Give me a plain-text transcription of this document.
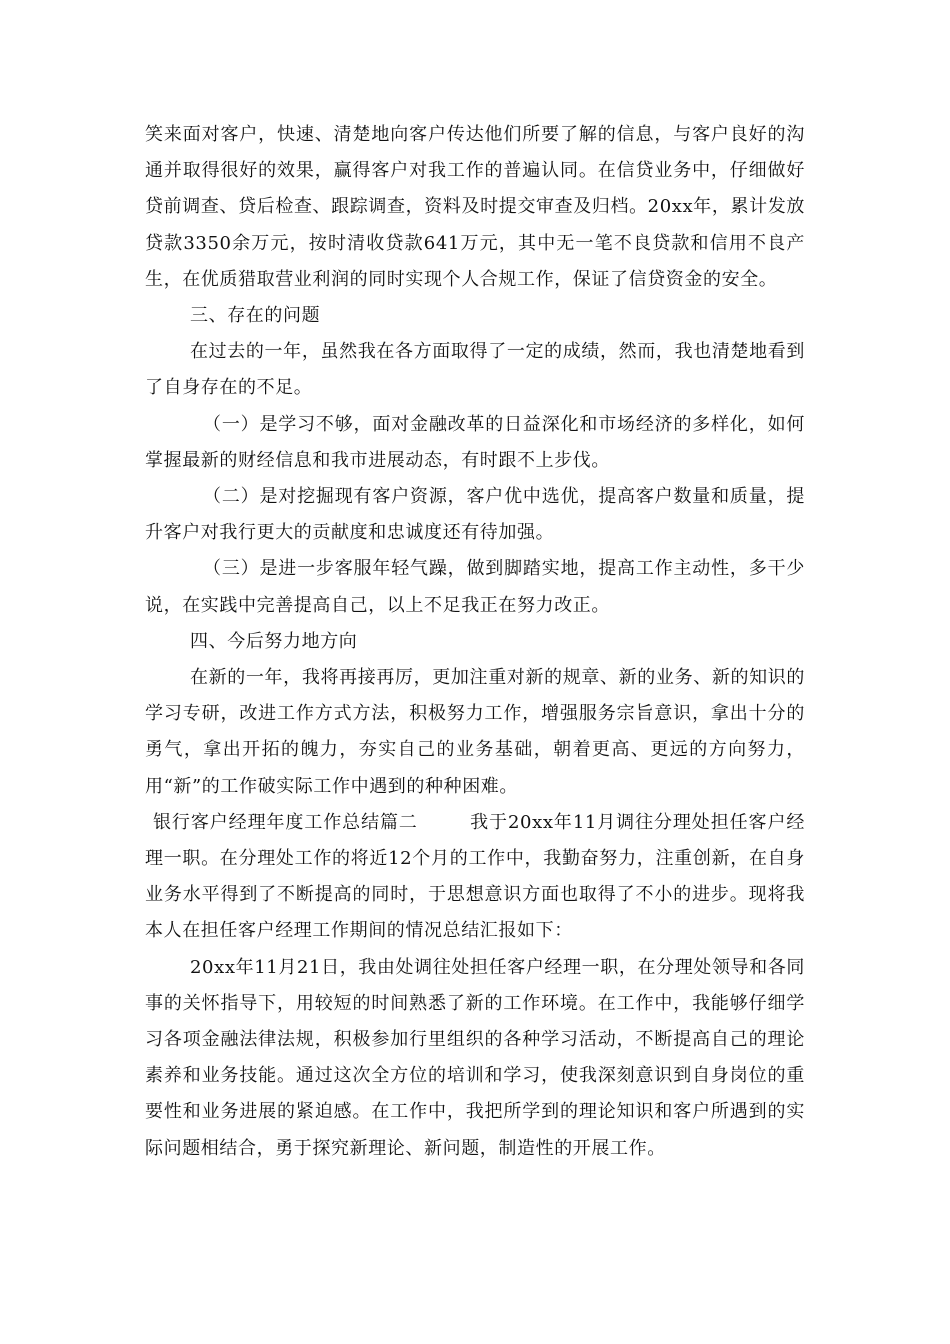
笑来面对客户，快速、清楚地向客户传达他们所要了解的信息，与客户良好的沟通并取得很好的效果，赢得客户对我工作的普遍认同。在信贷业务中，仔细做好贷前调查、贷后检查、跟踪调查，资料及时提交审查及归档。20xx年，累计发放贷款3350余万元，按时清收贷款641万元，其中无一笔不良贷款和信用不良产生，在优质猎取营业利润的同时实现个人合规工作，保证了信贷资金的安全。

三、存在的问题

在过去的一年，虽然我在各方面取得了一定的成绩，然而，我也清楚地看到了自身存在的不足。

（一）是学习不够，面对金融改革的日益深化和市场经济的多样化，如何掌握最新的财经信息和我市进展动态，有时跟不上步伐。

（二）是对挖掘现有客户资源，客户优中选优，提高客户数量和质量，提升客户对我行更大的贡献度和忠诚度还有待加强。

（三）是进一步客服年轻气躁，做到脚踏实地，提高工作主动性，多干少说，在实践中完善提高自己，以上不足我正在努力改正。

四、今后努力地方向

在新的一年，我将再接再厉，更加注重对新的规章、新的业务、新的知识的学习专研，改进工作方式方法，积极努力工作，增强服务宗旨意识，拿出十分的勇气，拿出开拓的魄力，夯实自己的业务基础，朝着更高、更远的方向努力，用“新”的工作破实际工作中遇到的种种困难。

银行客户经理年度工作总结篇二	我于20xx年11月调往分理处担任客户经理一职。在分理处工作的将近12个月的工作中，我勤奋努力，注重创新，在自身业务水平得到了不断提高的同时，于思想意识方面也取得了不小的进步。现将我本人在担任客户经理工作期间的情况总结汇报如下：

20xx年11月21日，我由处调往处担任客户经理一职，在分理处领导和各同事的关怀指导下，用较短的时间熟悉了新的工作环境。在工作中，我能够仔细学习各项金融法律法规，积极参加行里组织的各种学习活动，不断提高自己的理论素养和业务技能。通过这次全方位的培训和学习，使我深刻意识到自身岗位的重要性和业务进展的紧迫感。在工作中，我把所学到的理论知识和客户所遇到的实际问题相结合，勇于探究新理论、新问题，制造性的开展工作。
